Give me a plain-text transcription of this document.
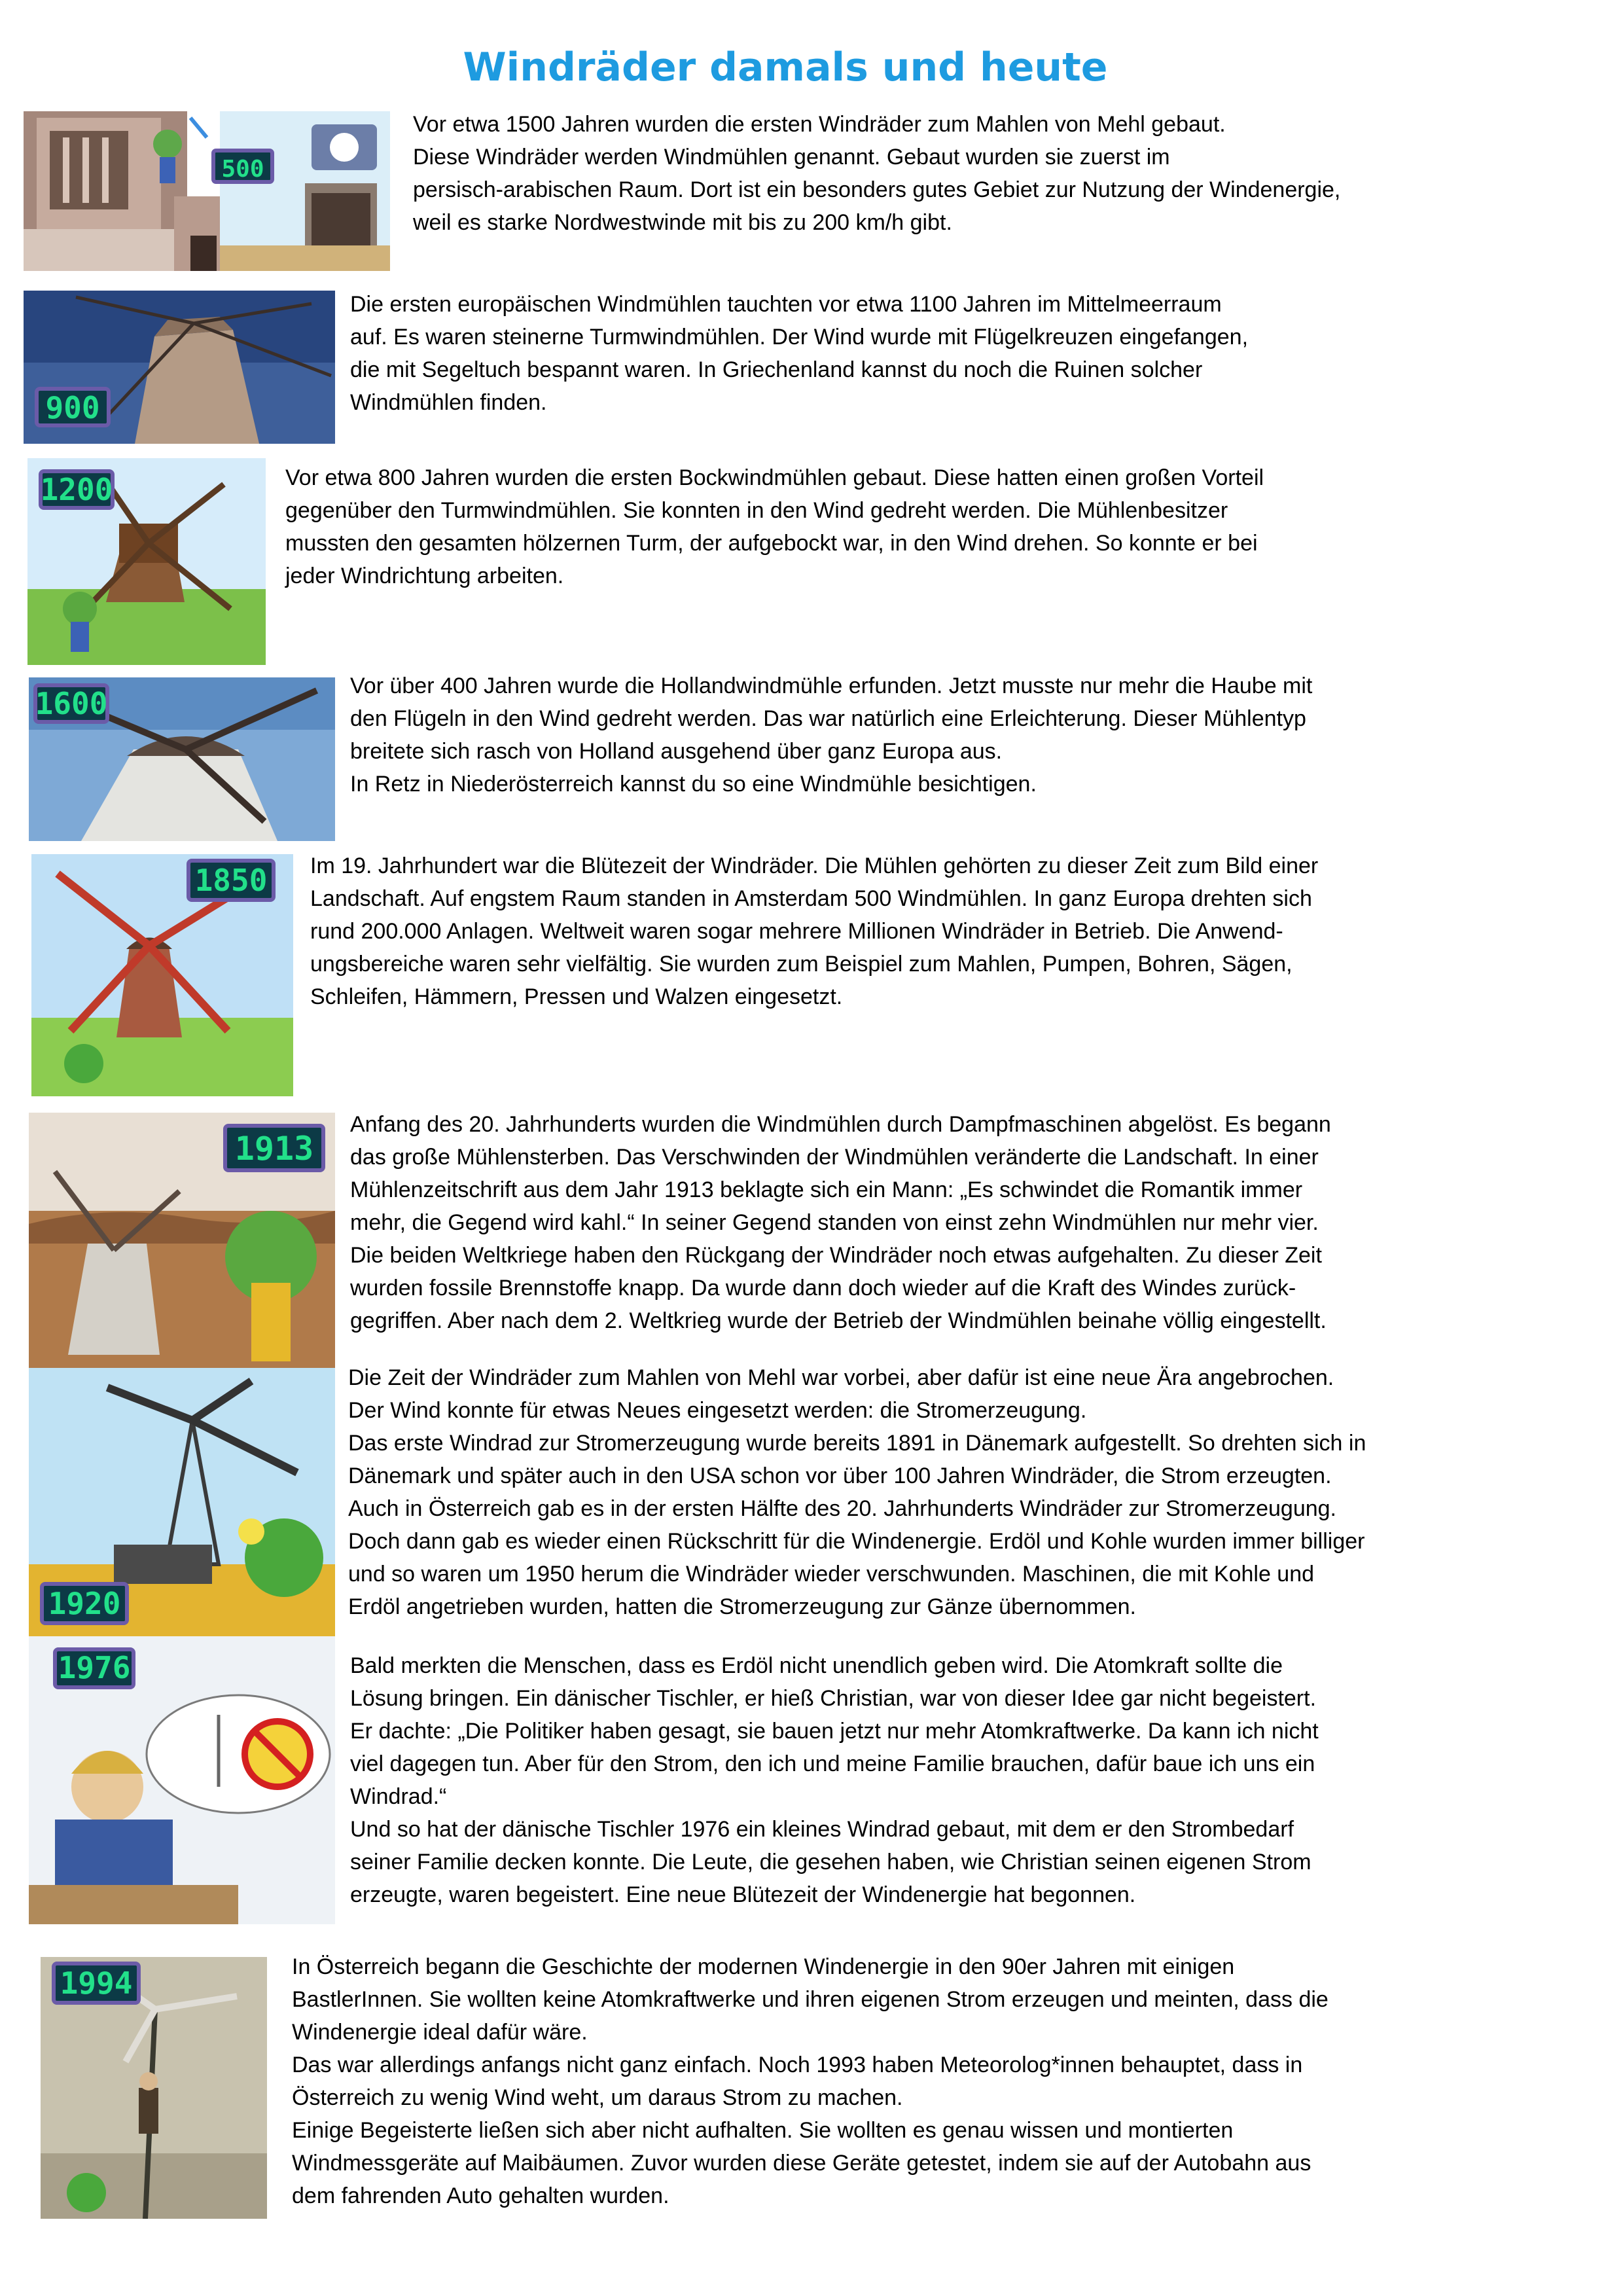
Windräder damals und heute
500

Vor etwa 1500 Jahren wurden die ersten Windräder zum Mahlen von Mehl gebaut.

Diese Windräder werden Windmühlen genannt. Gebaut wurden sie zuerst im

persisch-arabischen Raum. Dort ist ein besonders gutes Gebiet zur Nutzung der Windenergie,

weil es starke Nordwestwinde mit bis zu 200 km/h gibt.

900

Die ersten europäischen Windmühlen tauchten vor etwa 1100 Jahren im Mittelmeerraum

auf. Es waren steinerne Turmwindmühlen. Der Wind wurde mit Flügelkreuzen eingefangen,

die mit Segeltuch bespannt waren. In Griechenland kannst du noch die Ruinen solcher

Windmühlen finden.

1200	Vor etwa 800 Jahren wurden die ersten Bockwindmühlen gebaut. Diese hatten einen großen Vorteil

gegenüber den Turmwindmühlen. Sie konnten in den Wind gedreht werden. Die Mühlenbesitzer

mussten den gesamten hölzernen Turm, der aufgebockt war, in den Wind drehen. So konnte er bei

jeder Windrichtung arbeiten.

1600	Vor über 400 Jahren wurde die Hollandwindmühle erfunden. Jetzt musste nur mehr die Haube mit

den Flügeln in den Wind gedreht werden. Das war natürlich eine Erleichterung. Dieser Mühlentyp

breitete sich rasch von Holland ausgehend über ganz Europa aus.

In Retz in Niederösterreich kannst du so eine Windmühle besichtigen.

1850 Im 19. Jahrhundert war die Blütezeit der Windräder. Die Mühlen gehörten zu dieser Zeit zum Bild einer

Landschaft. Auf engstem Raum standen in Amsterdam 500 Windmühlen. In ganz Europa drehten sich

rund 200.000 Anlagen. Weltweit waren sogar mehrere Millionen Windräder in Betrieb. Die Anwend-

ungsbereiche waren sehr vielfältig. Sie wurden zum Beispiel zum Mahlen, Pumpen, Bohren, Sägen,

Schleifen, Hämmern, Pressen und Walzen eingesetzt.

1913

Anfang des 20. Jahrhunderts wurden die Windmühlen durch Dampfmaschinen abgelöst. Es begann

das große Mühlensterben. Das Verschwinden der Windmühlen veränderte die Landschaft. In einer

Mühlenzeitschrift aus dem Jahr 1913 beklagte sich ein Mann: „Es schwindet die Romantik immer

mehr, die Gegend wird kahl.“ In seiner Gegend standen von einst zehn Windmühlen nur mehr vier.

Die beiden Weltkriege haben den Rückgang der Windräder noch etwas aufgehalten. Zu dieser Zeit

wurden fossile Brennstoffe knapp. Da wurde dann doch wieder auf die Kraft des Windes zurück-

gegriffen. Aber nach dem 2. Weltkrieg wurde der Betrieb der Windmühlen beinahe völlig eingestellt.

1920

Die Zeit der Windräder zum Mahlen von Mehl war vorbei, aber dafür ist eine neue Ära angebrochen.

Der Wind konnte für etwas Neues eingesetzt werden: die Stromerzeugung.

Das erste Windrad zur Stromerzeugung wurde bereits 1891 in Dänemark aufgestellt. So drehten sich in

Dänemark und später auch in den USA schon vor über 100 Jahren Windräder, die Strom erzeugten.

Auch in Österreich gab es in der ersten Hälfte des 20. Jahrhunderts Windräder zur Stromerzeugung.

Doch dann gab es wieder einen Rückschritt für die Windenergie. Erdöl und Kohle wurden immer billiger

und so waren um 1950 herum die Windräder wieder verschwunden. Maschinen, die mit Kohle und

Erdöl angetrieben wurden, hatten die Stromerzeugung zur Gänze übernommen.

1976	Bald merkten die Menschen, dass es Erdöl nicht unendlich geben wird. Die Atomkraft sollte die

Lösung bringen. Ein dänischer Tischler, er hieß Christian, war von dieser Idee gar nicht begeistert.

Er dachte: „Die Politiker haben gesagt, sie bauen jetzt nur mehr Atomkraftwerke. Da kann ich nicht

viel dagegen tun. Aber für den Strom, den ich und meine Familie brauchen, dafür baue ich uns ein

Windrad.“

Und so hat der dänische Tischler 1976 ein kleines Windrad gebaut, mit dem er den Strombedarf

seiner Familie decken konnte. Die Leute, die gesehen haben, wie Christian seinen eigenen Strom

erzeugte, waren begeistert. Eine neue Blütezeit der Windenergie hat begonnen.

1994	In Österreich begann die Geschichte der modernen Windenergie in den 90er Jahren mit einigen

BastlerInnen. Sie wollten keine Atomkraftwerke und ihren eigenen Strom erzeugen und meinten, dass die

Windenergie ideal dafür wäre.

Das war allerdings anfangs nicht ganz einfach. Noch 1993 haben Meteorolog*innen behauptet, dass in

Österreich zu wenig Wind weht, um daraus Strom zu machen.

Einige Begeisterte ließen sich aber nicht aufhalten. Sie wollten es genau wissen und montierten

Windmessgeräte auf Maibäumen. Zuvor wurden diese Geräte getestet, indem sie auf der Autobahn aus

dem fahrenden Auto gehalten wurden.
